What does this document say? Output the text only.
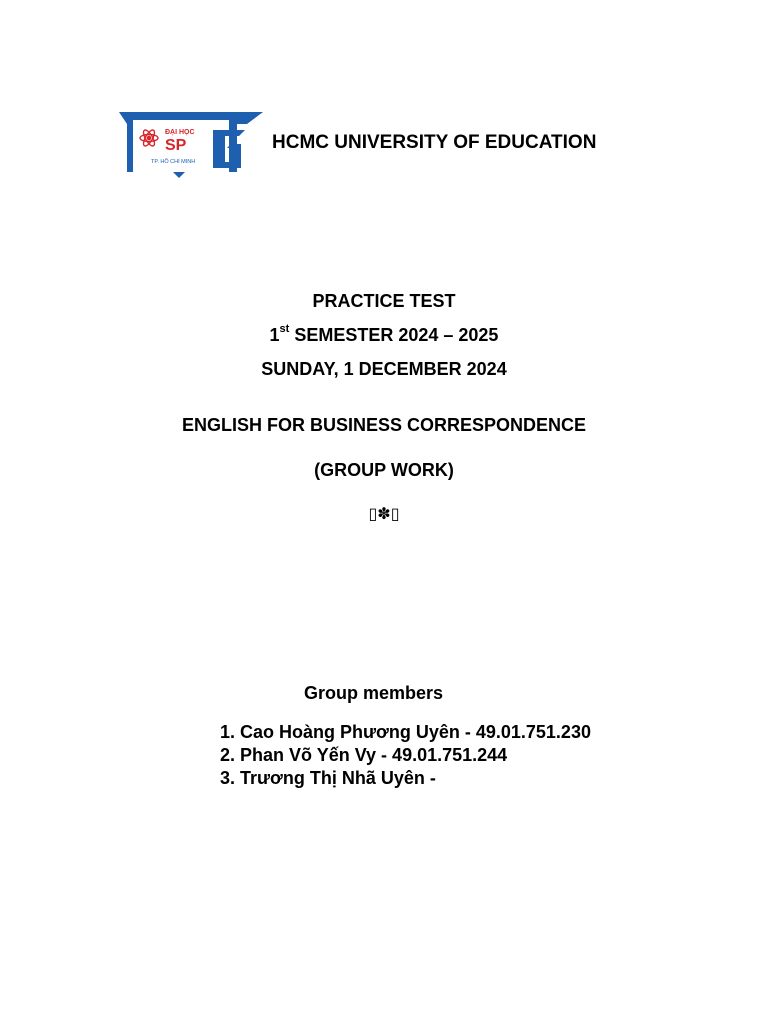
ĐẠI HỌC
SP
TP. HỒ CHÍ MINH
HCMC UNIVERSITY OF EDUCATION
PRACTICE TEST
1st SEMESTER 2024 – 2025
SUNDAY, 1 DECEMBER 2024
ENGLISH FOR BUSINESS CORRESPONDENCE
(GROUP WORK)
▯✽▯
Group members
1. Cao Hoàng Phương Uyên - 49.01.751.230
2. Phan Võ Yến Vy - 49.01.751.244
3. Trương Thị Nhã Uyên -
